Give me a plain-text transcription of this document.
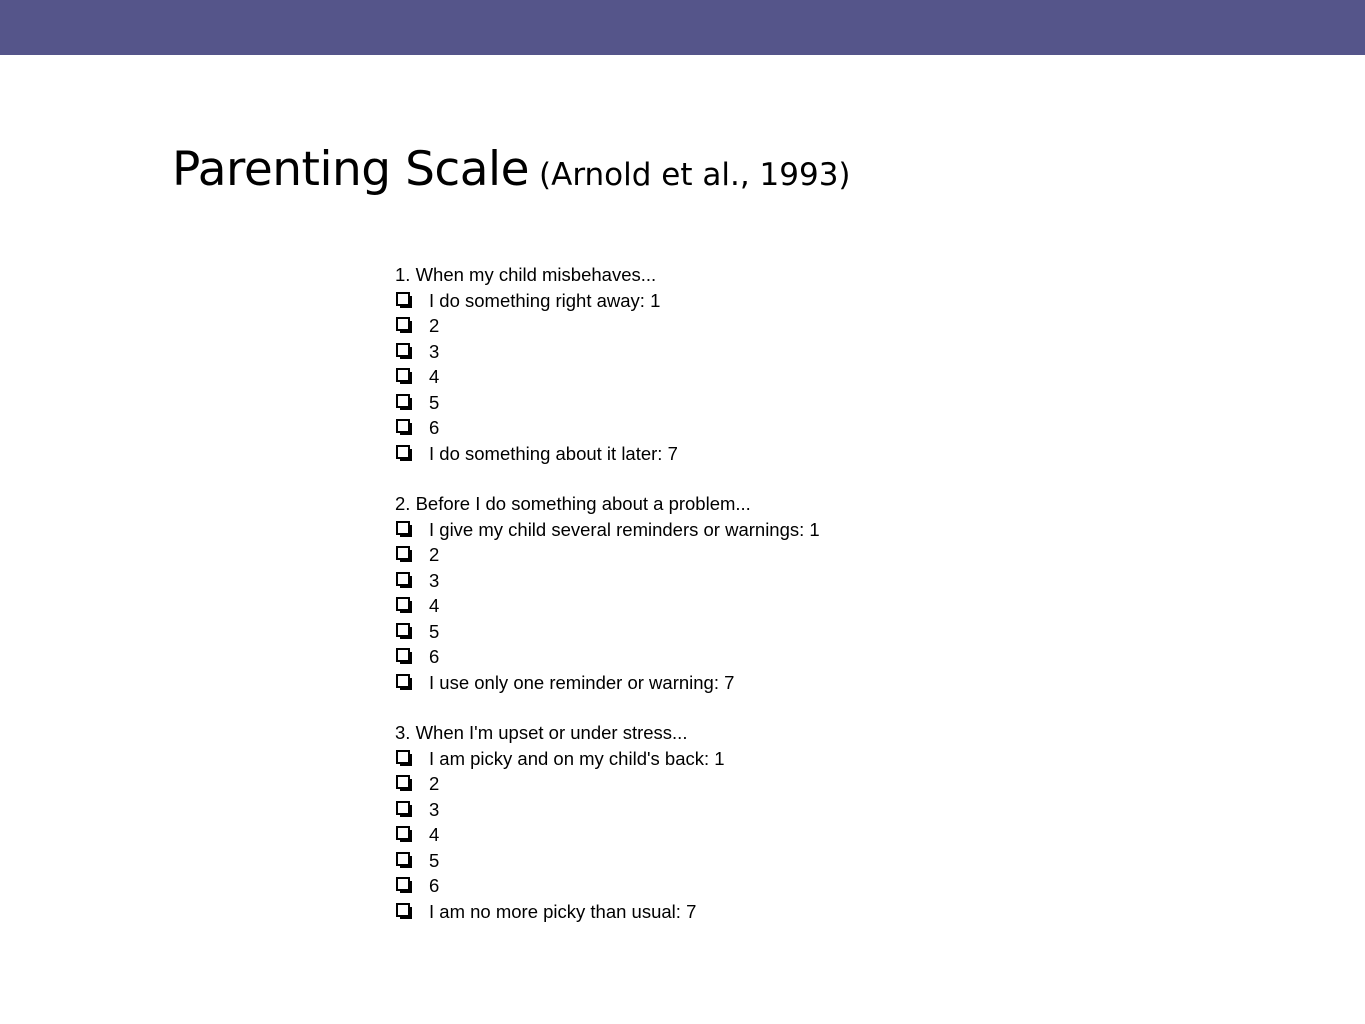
Parenting Scale (Arnold et al., 1993)
1. When my child misbehaves...
I do something right away: 1
2
3
4
5
6
I do something about it later: 7
2. Before I do something about a problem...
I give my child several reminders or warnings: 1
2
3
4
5
6
I use only one reminder or warning: 7
3. When I'm upset or under stress...
I am picky and on my child's back: 1
2
3
4
5
6
I am no more picky than usual: 7
